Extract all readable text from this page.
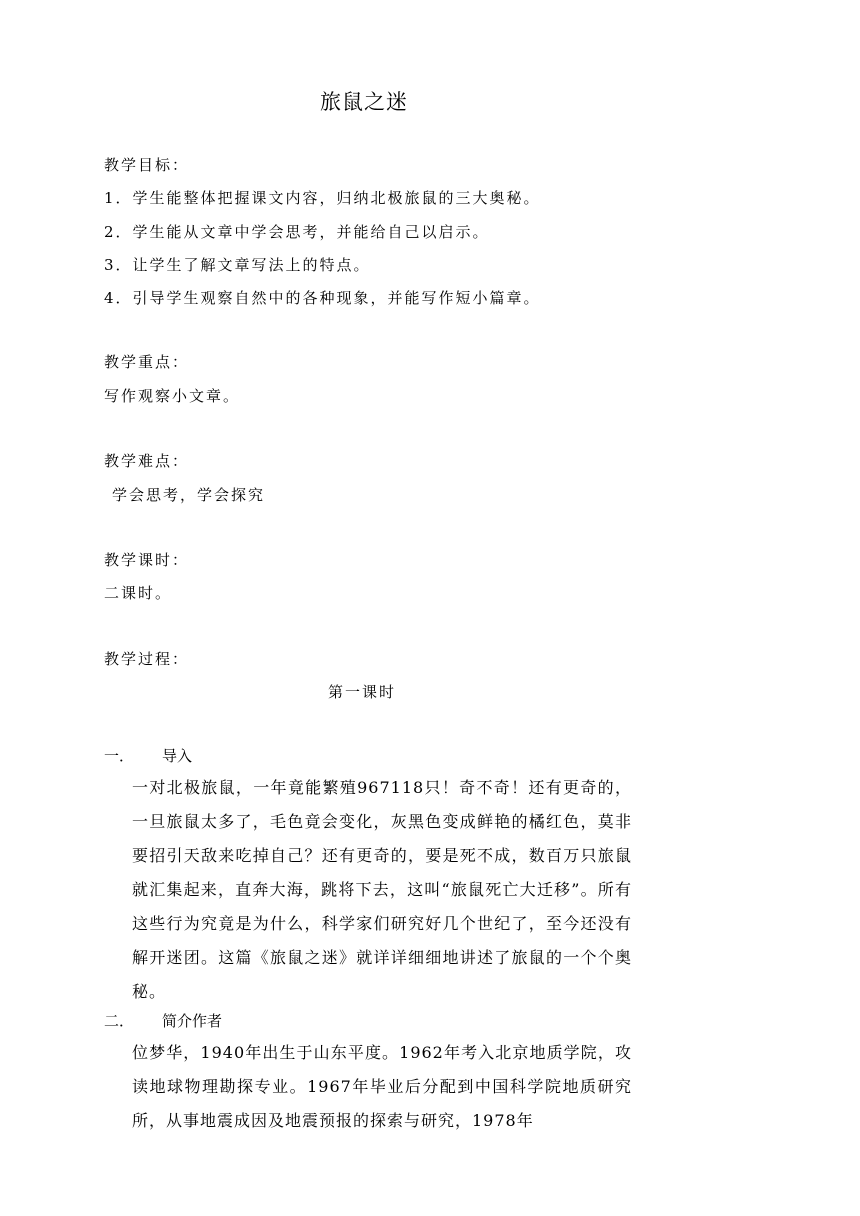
旅鼠之迷

教学目标：

1．学生能整体把握课文内容，归纳北极旅鼠的三大奥秘。

2．学生能从文章中学会思考，并能给自己以启示。

3．让学生了解文章写法上的特点。

4．引导学生观察自然中的各种现象，并能写作短小篇章。

教学重点：

写作观察小文章。

教学难点：

学会思考，学会探究

教学课时：

二课时。

教学过程：

第一课时

一． 导入

一对北极旅鼠，一年竟能繁殖967118只！奇不奇！还有更奇的，一旦旅鼠太多了，毛色竟会变化，灰黑色变成鲜艳的橘红色，莫非要招引天敌来吃掉自己？还有更奇的，要是死不成，数百万只旅鼠就汇集起来，直奔大海，跳将下去，这叫“旅鼠死亡大迁移”。所有这些行为究竟是为什么，科学家们研究好几个世纪了，至今还没有解开迷团。这篇《旅鼠之迷》就详详细细地讲述了旅鼠的一个个奥秘。

二． 简介作者

位梦华，1940年出生于山东平度。1962年考入北京地质学院，攻读地球物理勘探专业。1967年毕业后分配到中国科学院地质研究所，从事地震成因及地震预报的探索与研究，1978年
